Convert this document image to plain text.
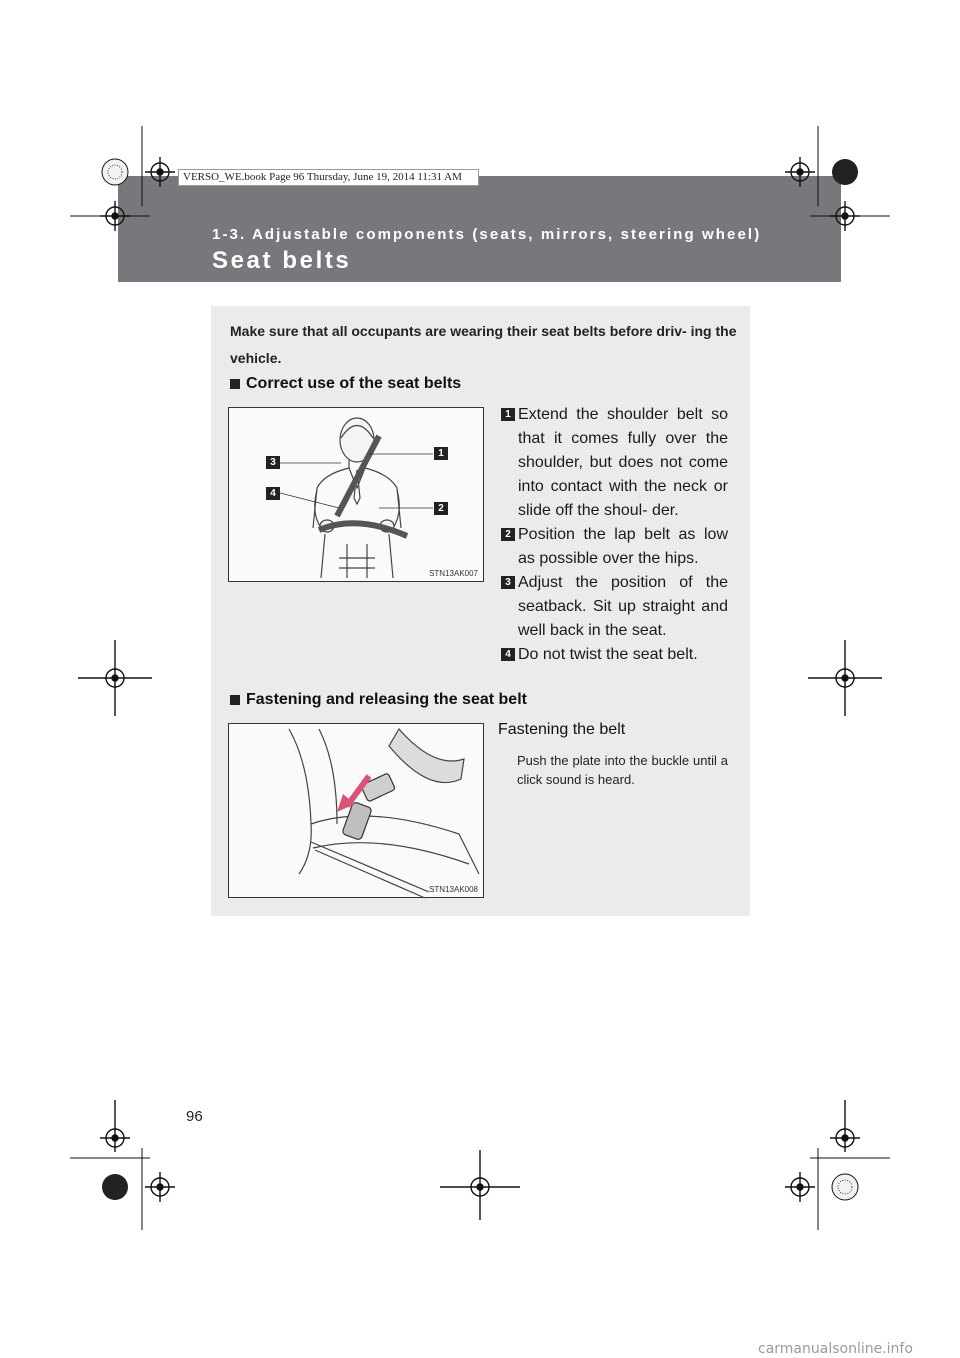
VERSO_WE.book Page 96 Thursday, June 19, 2014 11:31 AM
1-3. Adjustable components (seats, mirrors, steering wheel)
Seat belts
Make sure that all occupants are wearing their seat belts before driv- ing the vehicle.
Correct use of the seat belts
1
2
3
4
STN13AK007
1 Extend the shoulder belt so that it comes fully over the shoulder, but does not come into contact with the neck or slide off the shoul- der.
2 Position the lap belt as low as possible over the hips.
3 Adjust the position of the seatback. Sit up straight and well back in the seat.
4 Do not twist the seat belt.
Fastening and releasing the seat belt
STN13AK008
Fastening the belt
Push the plate into the buckle until a click sound is heard.
96
carmanualsonline.info
